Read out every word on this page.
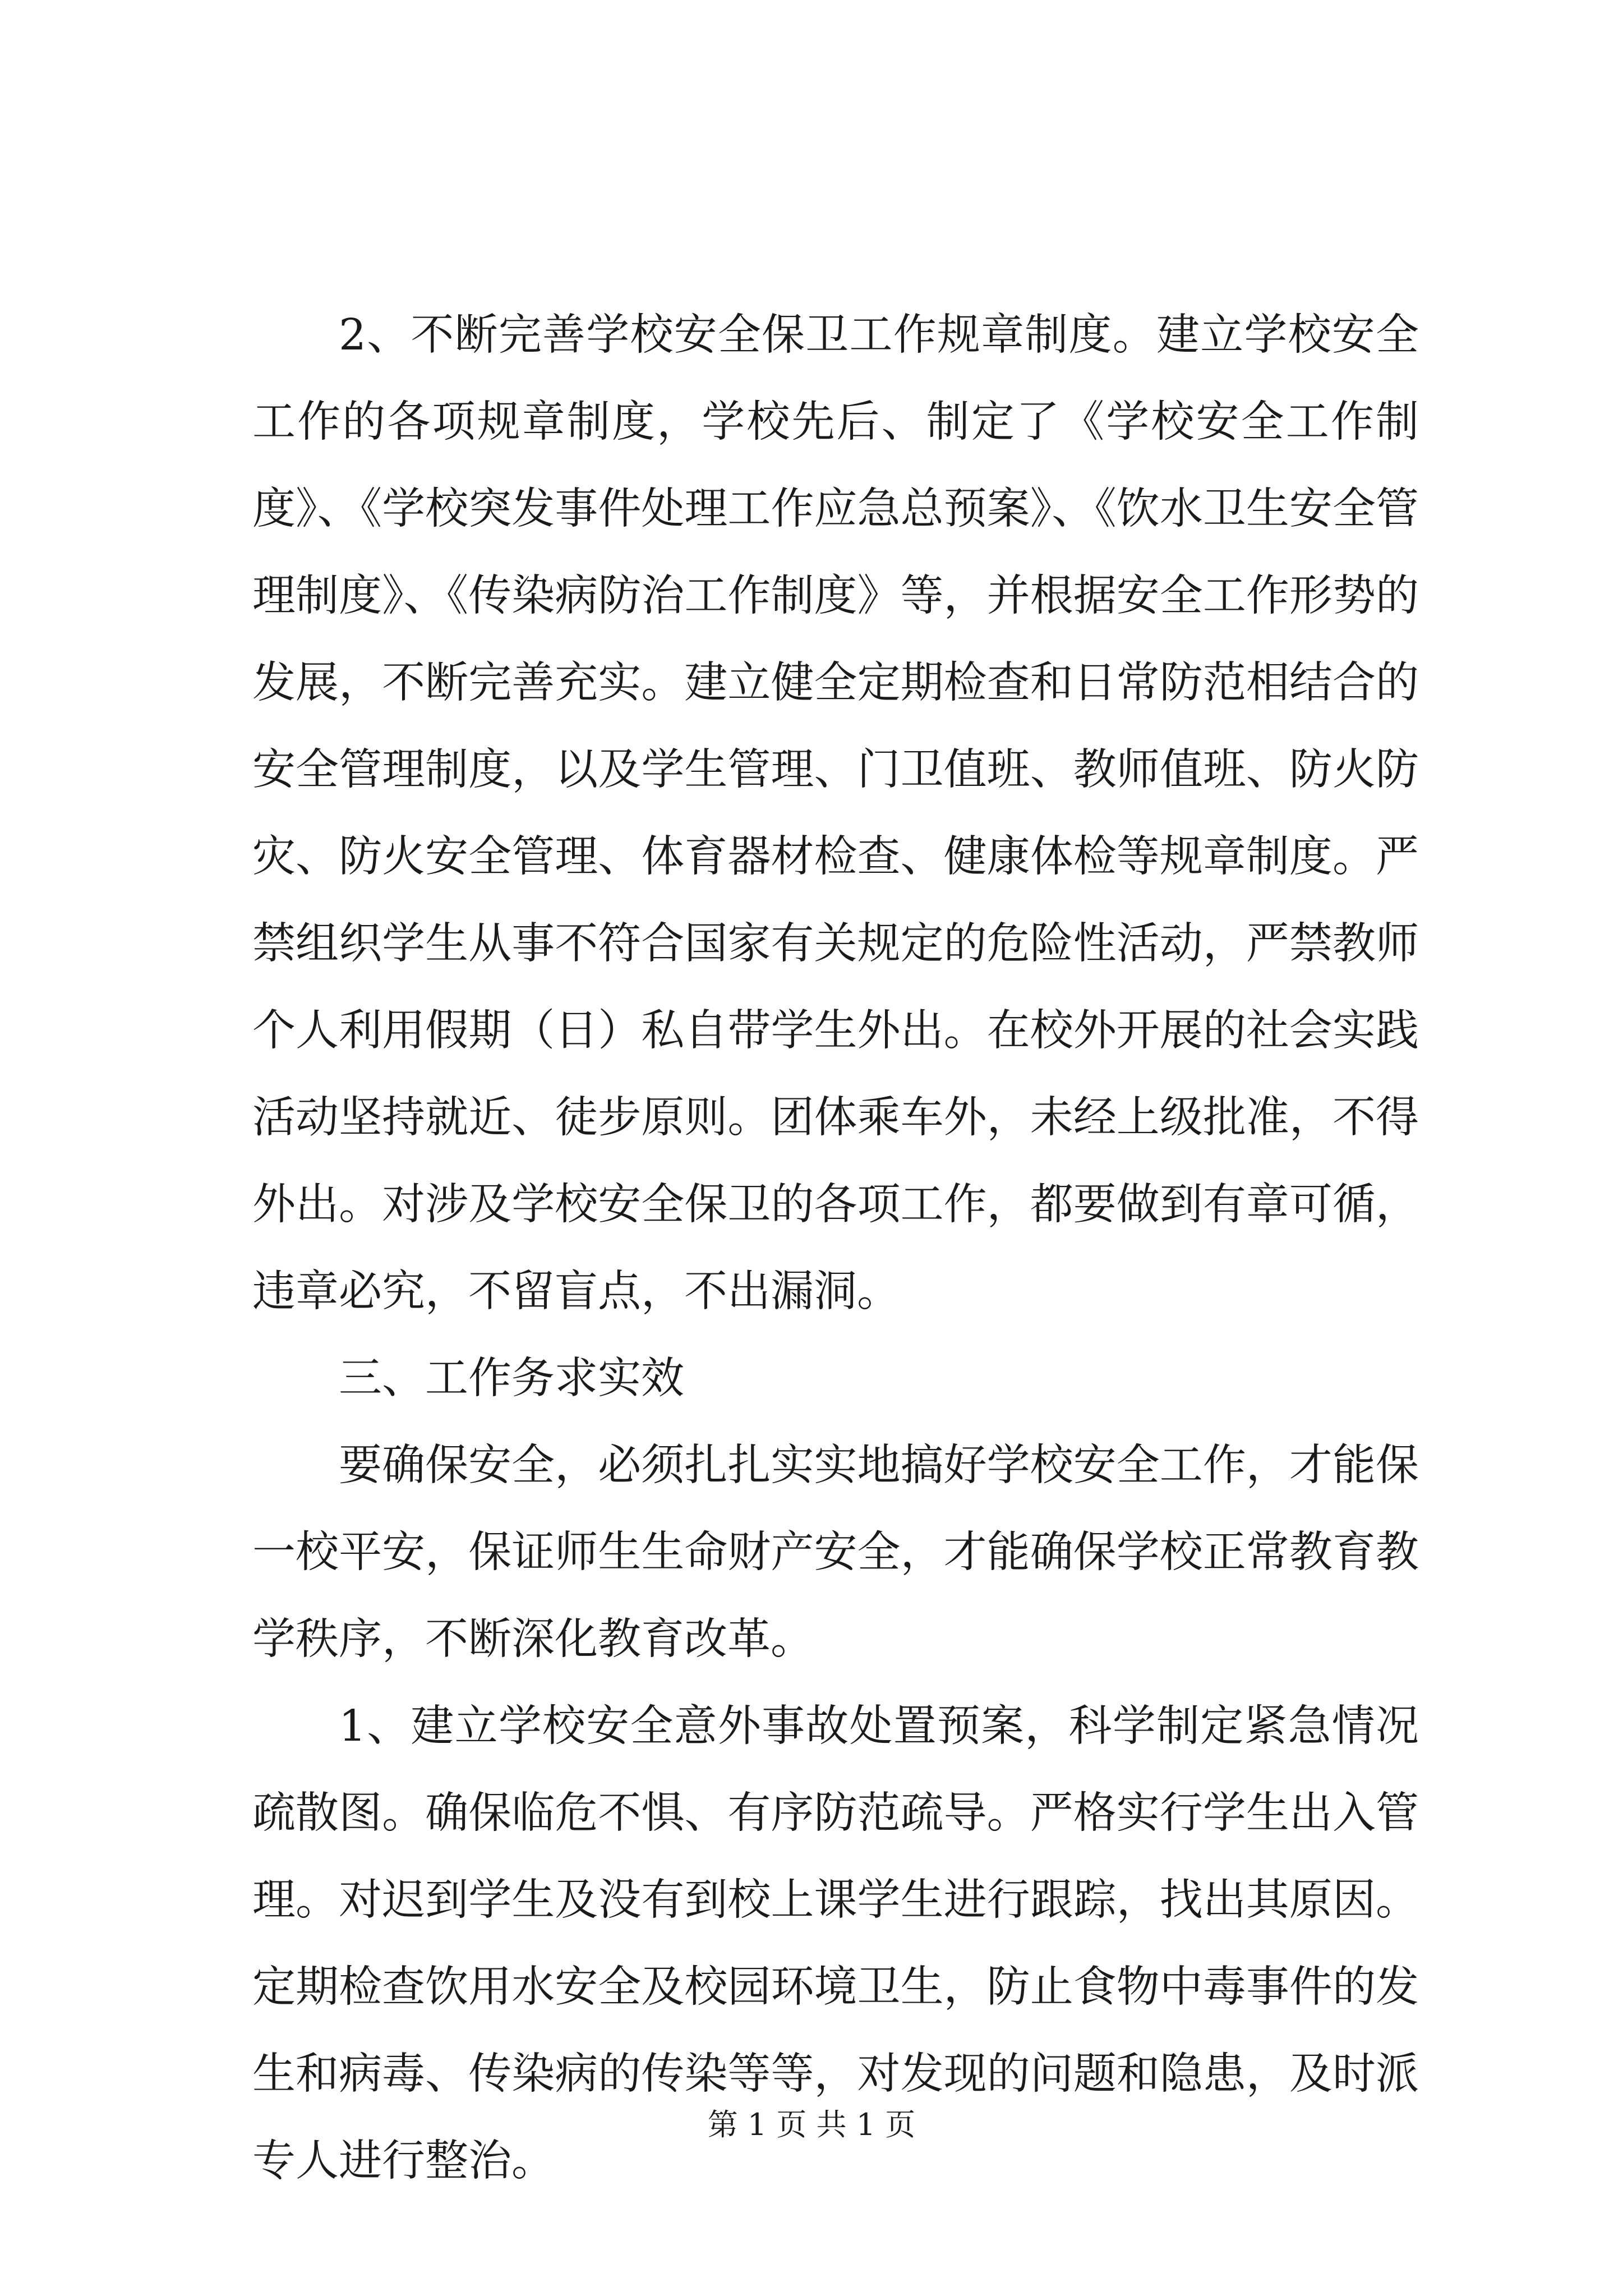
2、不断完善学校安全保卫工作规章制度。建立学校安全工作的各项规章制度，学校先后、制定了《学校安全工作制度》、《学校突发事件处理工作应急总预案》、《饮水卫生安全管理制度》、《传染病防治工作制度》等，并根据安全工作形势的发展，不断完善充实。建立健全定期检查和日常防范相结合的安全管理制度，以及学生管理、门卫值班、教师值班、防火防灾、防火安全管理、体育器材检查、健康体检等规章制度。严禁组织学生从事不符合国家有关规定的危险性活动，严禁教师个人利用假期（日）私自带学生外出。在校外开展的社会实践活动坚持就近、徒步原则。团体乘车外，未经上级批准，不得外出。对涉及学校安全保卫的各项工作，都要做到有章可循，违章必究，不留盲点，不出漏洞。

三、工作务求实效

要确保安全，必须扎扎实实地搞好学校安全工作，才能保一校平安，保证师生生命财产安全，才能确保学校正常教育教学秩序，不断深化教育改革。

1、建立学校安全意外事故处置预案，科学制定紧急情况疏散图。确保临危不惧、有序防范疏导。严格实行学生出入管理。对迟到学生及没有到校上课学生进行跟踪，找出其原因。定期检查饮用水安全及校园环境卫生，防止食物中毒事件的发生和病毒、传染病的传染等等，对发现的问题和隐患，及时派专人进行整治。

第 1 页 共 1 页
